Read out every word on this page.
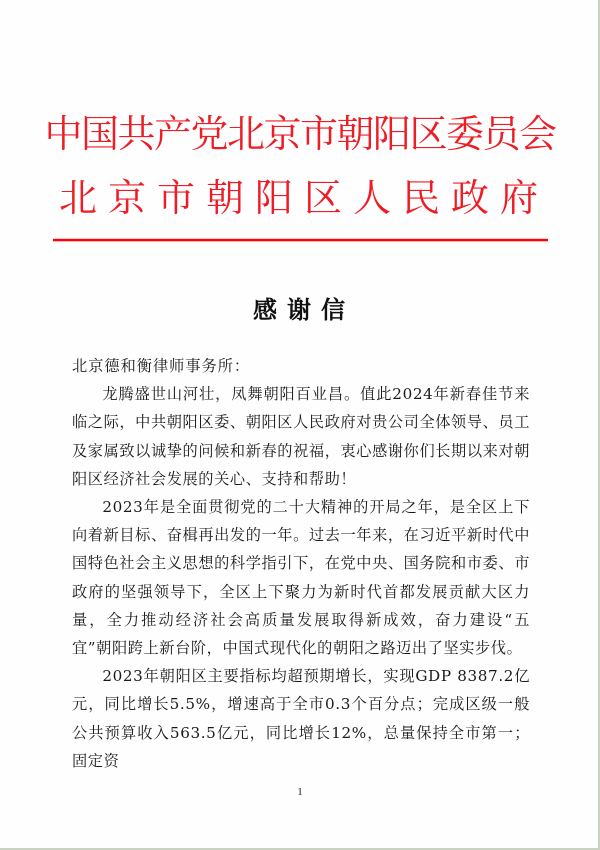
中国共产党北京市朝阳区委员会
北京市朝阳区人民政府
感谢信

北京德和衡律师事务所：

龙腾盛世山河壮，凤舞朝阳百业昌。值此2024年新春佳节来临之际，中共朝阳区委、朝阳区人民政府对贵公司全体领导、员工及家属致以诚挚的问候和新春的祝福，衷心感谢你们长期以来对朝阳区经济社会发展的关心、支持和帮助！

2023年是全面贯彻党的二十大精神的开局之年，是全区上下向着新目标、奋楫再出发的一年。过去一年来，在习近平新时代中国特色社会主义思想的科学指引下，在党中央、国务院和市委、市政府的坚强领导下，全区上下聚力为新时代首都发展贡献大区力量，全力推动经济社会高质量发展取得新成效，奋力建设“五宜”朝阳跨上新台阶，中国式现代化的朝阳之路迈出了坚实步伐。

2023年朝阳区主要指标均超预期增长，实现GDP 8387.2亿元，同比增长5.5%，增速高于全市0.3个百分点；完成区级一般公共预算收入563.5亿元，同比增长12%，总量保持全市第一；固定资

1
